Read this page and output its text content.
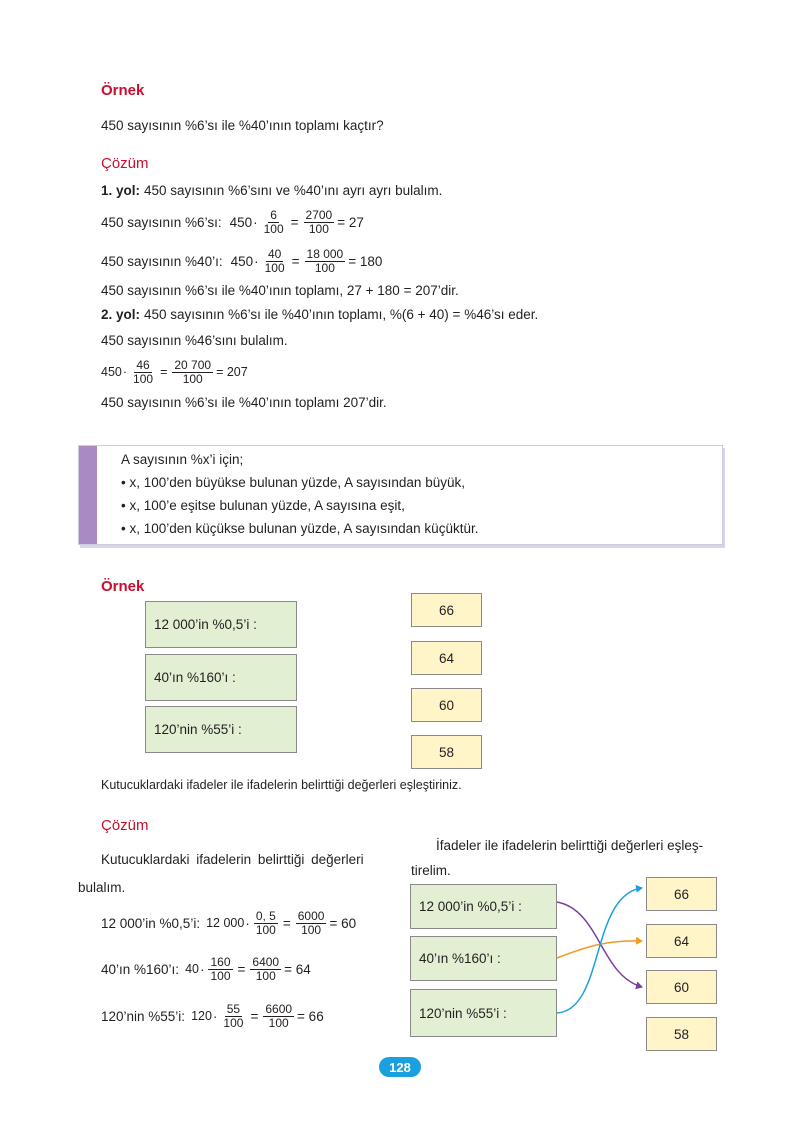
Örnek
450 sayısının %6’sı ile %40’ının toplamı kaçtır?
Çözüm
1. yol: 450 sayısının %6’sını ve %40’ını ayrı ayrı bulalım.
450 sayısının %6’sı: $450 \cdot \frac{6}{100} = \frac{2700}{100} = 27$
450 sayısının %40’ı: $450 \cdot \frac{40}{100} = \frac{18 000}{100} = 180$
450 sayısının %6’sı ile %40’ının toplamı, 27 + 180 = 207’dir.
2. yol: 450 sayısının %6’sı ile %40’ının toplamı, %(6 + 40) = %46’sı eder.
450 sayısının %46’sını bulalım.
$450 \cdot \frac{46}{100} = \frac{20 700}{100} = 207$
450 sayısının %6’sı ile %40’ının toplamı 207’dir.
A sayısının %x’i için;
• x, 100’den büyükse bulunan yüzde, A sayısından büyük,
• x, 100’e eşitse bulunan yüzde, A sayısına eşit,
• x, 100’den küçükse bulunan yüzde, A sayısından küçüktür.
Örnek
12 000’in %0,5’i :
40’ın %160’ı :
120’nin %55’i :
66
64
60
58
Kutucuklardaki ifadeler ile ifadelerin belirttiği değerleri eşleştiriniz.
Çözüm
Kutucuklardaki ifadelerin belirttiği değerleri
bulalım.
İfadeler ile ifadelerin belirttiği değerleri eşleş-
tirelim.
12 000’in %0,5’i: 12 $000 \cdot \frac{0, 5}{100} = \frac{6000}{100} = 60$
40’ın %160’ı: $40 \cdot \frac{160}{100} = \frac{6400}{100} = 64$
120’nin %55’i: $120 \cdot \frac{55}{100} = \frac{6600}{100} = 66$
12 000’in %0,5’i :
40’ın %160’ı :
120’nin %55’i :
66
64
60
58
128
